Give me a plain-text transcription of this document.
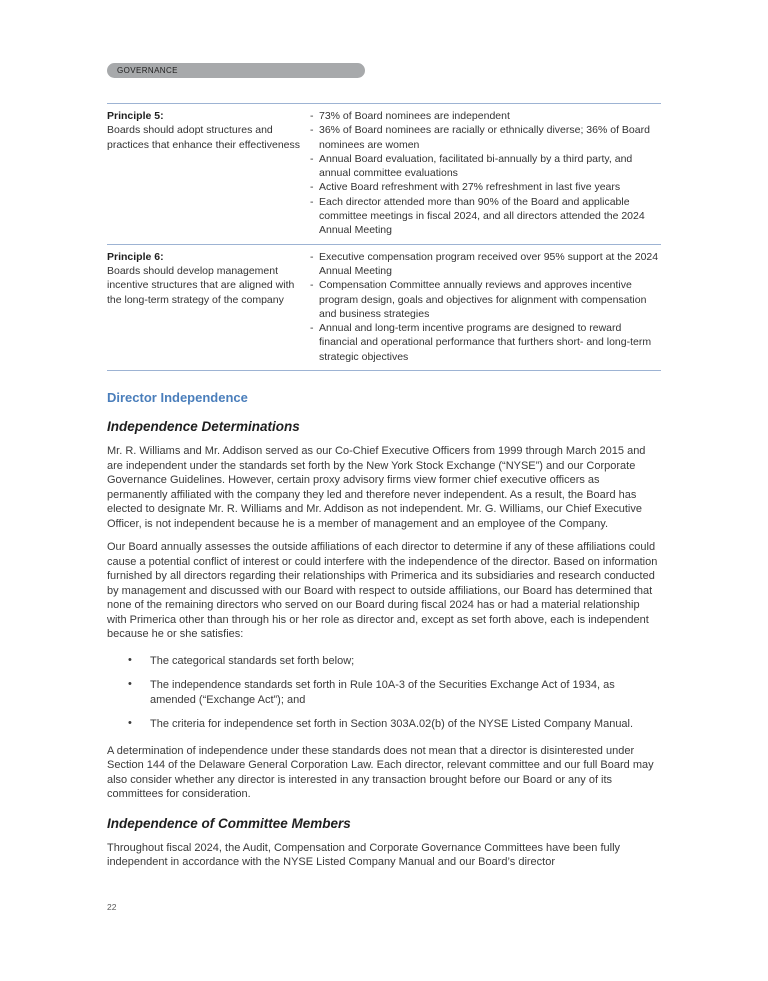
GOVERNANCE
Principle 5:
Boards should adopt structures and practices that enhance their effectiveness
- 73% of Board nominees are independent
- 36% of Board nominees are racially or ethnically diverse; 36% of Board nominees are women
- Annual Board evaluation, facilitated bi-annually by a third party, and annual committee evaluations
- Active Board refreshment with 27% refreshment in last five years
- Each director attended more than 90% of the Board and applicable committee meetings in fiscal 2024, and all directors attended the 2024 Annual Meeting
Principle 6:
Boards should develop management incentive structures that are aligned with the long-term strategy of the company
- Executive compensation program received over 95% support at the 2024 Annual Meeting
- Compensation Committee annually reviews and approves incentive program design, goals and objectives for alignment with compensation and business strategies
- Annual and long-term incentive programs are designed to reward financial and operational performance that furthers short- and long-term strategic objectives
Director Independence
Independence Determinations
Mr. R. Williams and Mr. Addison served as our Co-Chief Executive Officers from 1999 through March 2015 and are independent under the standards set forth by the New York Stock Exchange (“NYSE”) and our Corporate Governance Guidelines. However, certain proxy advisory firms view former chief executive officers as permanently affiliated with the company they led and therefore never independent. As a result, the Board has elected to designate Mr. R. Williams and Mr. Addison as not independent. Mr. G. Williams, our Chief Executive Officer, is not independent because he is a member of management and an employee of the Company.
Our Board annually assesses the outside affiliations of each director to determine if any of these affiliations could cause a potential conflict of interest or could interfere with the independence of the director. Based on information furnished by all directors regarding their relationships with Primerica and its subsidiaries and research conducted by management and discussed with our Board with respect to outside affiliations, our Board has determined that none of the remaining directors who served on our Board during fiscal 2024 has or had a material relationship with Primerica other than through his or her role as director and, except as set forth above, each is independent because he or she satisfies:
• The categorical standards set forth below;
• The independence standards set forth in Rule 10A-3 of the Securities Exchange Act of 1934, as amended (“Exchange Act”); and
• The criteria for independence set forth in Section 303A.02(b) of the NYSE Listed Company Manual.
A determination of independence under these standards does not mean that a director is disinterested under Section 144 of the Delaware General Corporation Law. Each director, relevant committee and our full Board may also consider whether any director is interested in any transaction brought before our Board or any of its committees for consideration.
Independence of Committee Members
Throughout fiscal 2024, the Audit, Compensation and Corporate Governance Committees have been fully independent in accordance with the NYSE Listed Company Manual and our Board’s director
22
